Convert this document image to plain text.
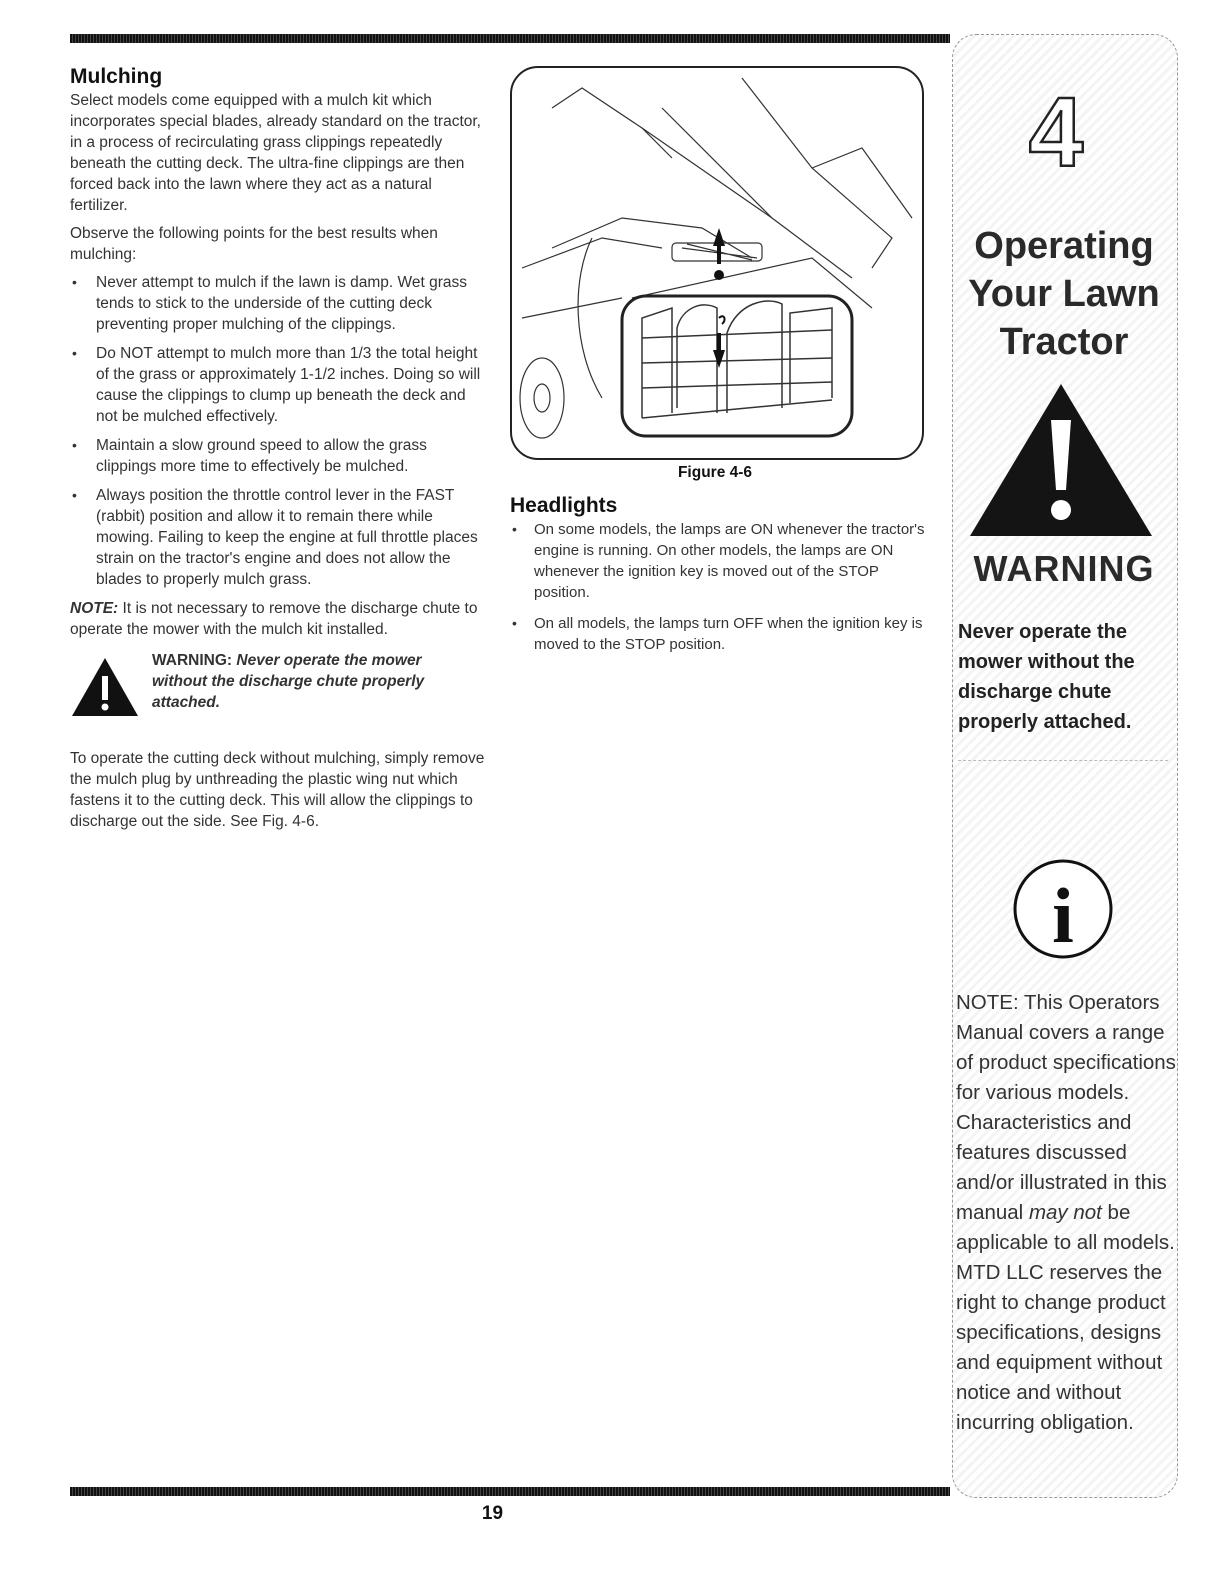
Mulching

Select models come equipped with a mulch kit which incorporates special blades, already standard on the tractor, in a process of recirculating grass clippings repeatedly beneath the cutting deck. The ultra-fine clippings are then forced back into the lawn where they act as a natural fertilizer.

Observe the following points for the best results when mulching:

• Never attempt to mulch if the lawn is damp. Wet grass tends to stick to the underside of the cutting deck preventing proper mulching of the clippings.
• Do NOT attempt to mulch more than 1/3 the total height of the grass or approximately 1-1/2 inches. Doing so will cause the clippings to clump up beneath the deck and not be mulched effectively.
• Maintain a slow ground speed to allow the grass clippings more time to effectively be mulched.
• Always position the throttle control lever in the FAST (rabbit) position and allow it to remain there while mowing. Failing to keep the engine at full throttle places strain on the tractor's engine and does not allow the blades to properly mulch grass.

NOTE: It is not necessary to remove the discharge chute to operate the mower with the mulch kit installed.

WARNING: Never operate the mower without the discharge chute properly attached.

To operate the cutting deck without mulching, simply remove the mulch plug by unthreading the plastic wing nut which fastens it to the cutting deck. This will allow the clippings to discharge out the side. See Fig. 4-6.

Figure 4-6
Headlights
• On some models, the lamps are ON whenever the tractor's engine is running. On other models, the lamps are ON whenever the ignition key is moved out of the STOP position.
• On all models, the lamps turn OFF when the ignition key is moved to the STOP position.
4
Operating
Your Lawn
Tractor
WARNING
Never operate the mower without the discharge chute properly attached.
i
NOTE: This Operators Manual covers a range of product specifications for various models. Characteristics and features discussed and/or illustrated in this manual may not be applicable to all models. MTD LLC reserves the right to change product specifications, designs and equipment without notice and without incurring obligation.
19
